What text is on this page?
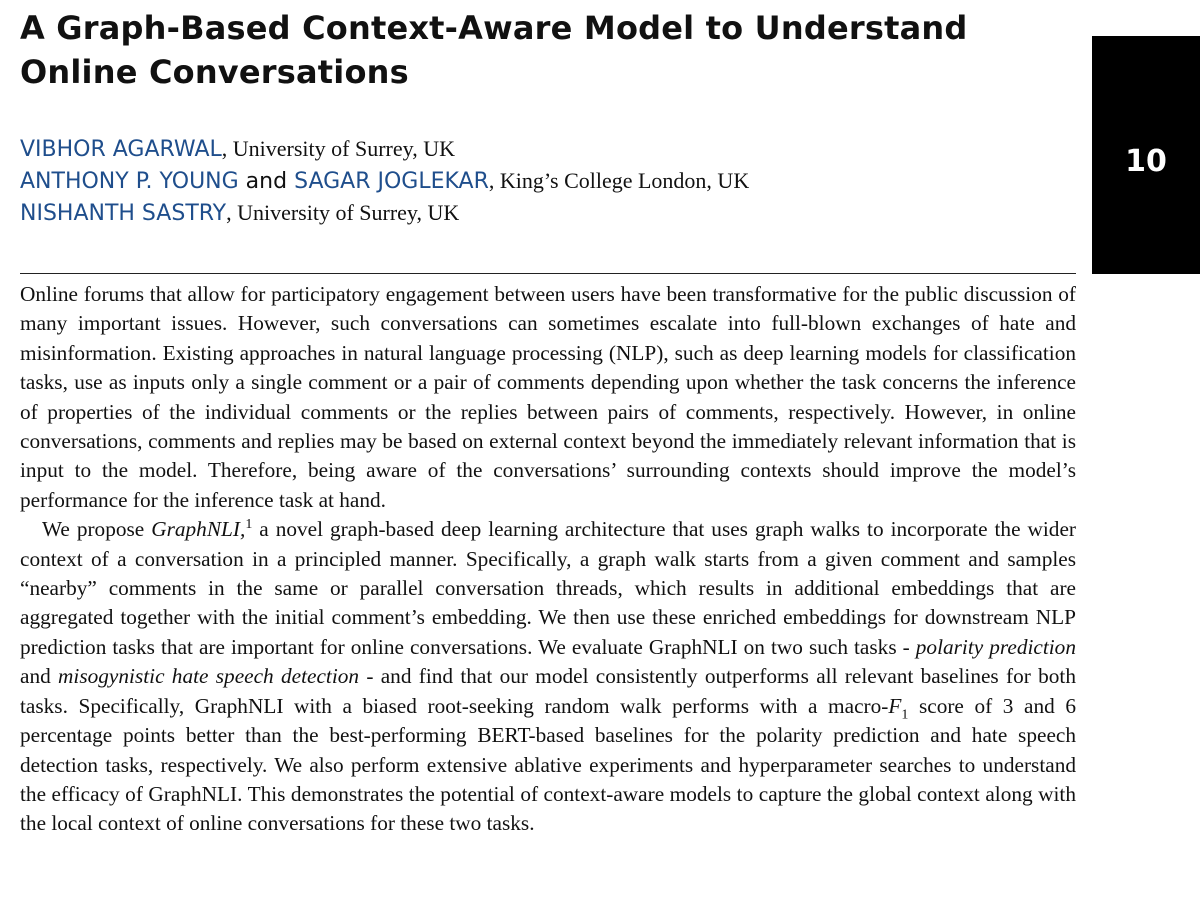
A Graph-Based Context-Aware Model to Understand Online Conversations
10
VIBHOR AGARWAL, University of Surrey, UK
ANTHONY P. YOUNG and SAGAR JOGLEKAR, King’s College London, UK
NISHANTH SASTRY, University of Surrey, UK

Online forums that allow for participatory engagement between users have been transformative for the public discussion of many important issues. However, such conversations can sometimes escalate into full-blown exchanges of hate and misinformation. Existing approaches in natural language processing (NLP), such as deep learning models for classification tasks, use as inputs only a single comment or a pair of comments depending upon whether the task concerns the inference of properties of the individual comments or the replies between pairs of comments, respectively. However, in online conversations, comments and replies may be based on external context beyond the immediately relevant information that is input to the model. Therefore, being aware of the conversations’ surrounding contexts should improve the model’s performance for the inference task at hand.

We propose GraphNLI,$^1$ a novel graph-based deep learning architecture that uses graph walks to incorporate the wider context of a conversation in a principled manner. Specifically, a graph walk starts from a given comment and samples “nearby” comments in the same or parallel conversation threads, which results in additional embeddings that are aggregated together with the initial comment’s embedding. We then use these enriched embeddings for downstream NLP prediction tasks that are important for online conversations. We evaluate GraphNLI on two such tasks - polarity prediction and misogynistic hate speech detection - and find that our model consistently outperforms all relevant baselines for both tasks. Specifically, GraphNLI with a biased root-seeking random walk performs with a macro-$F_1$ score of 3 and 6 percentage points better than the best-performing BERT-based baselines for the polarity prediction and hate speech detection tasks, respectively. We also perform extensive ablative experiments and hyperparameter searches to understand the efficacy of GraphNLI. This demonstrates the potential of context-aware models to capture the global context along with the local context of online conversations for these two tasks.
